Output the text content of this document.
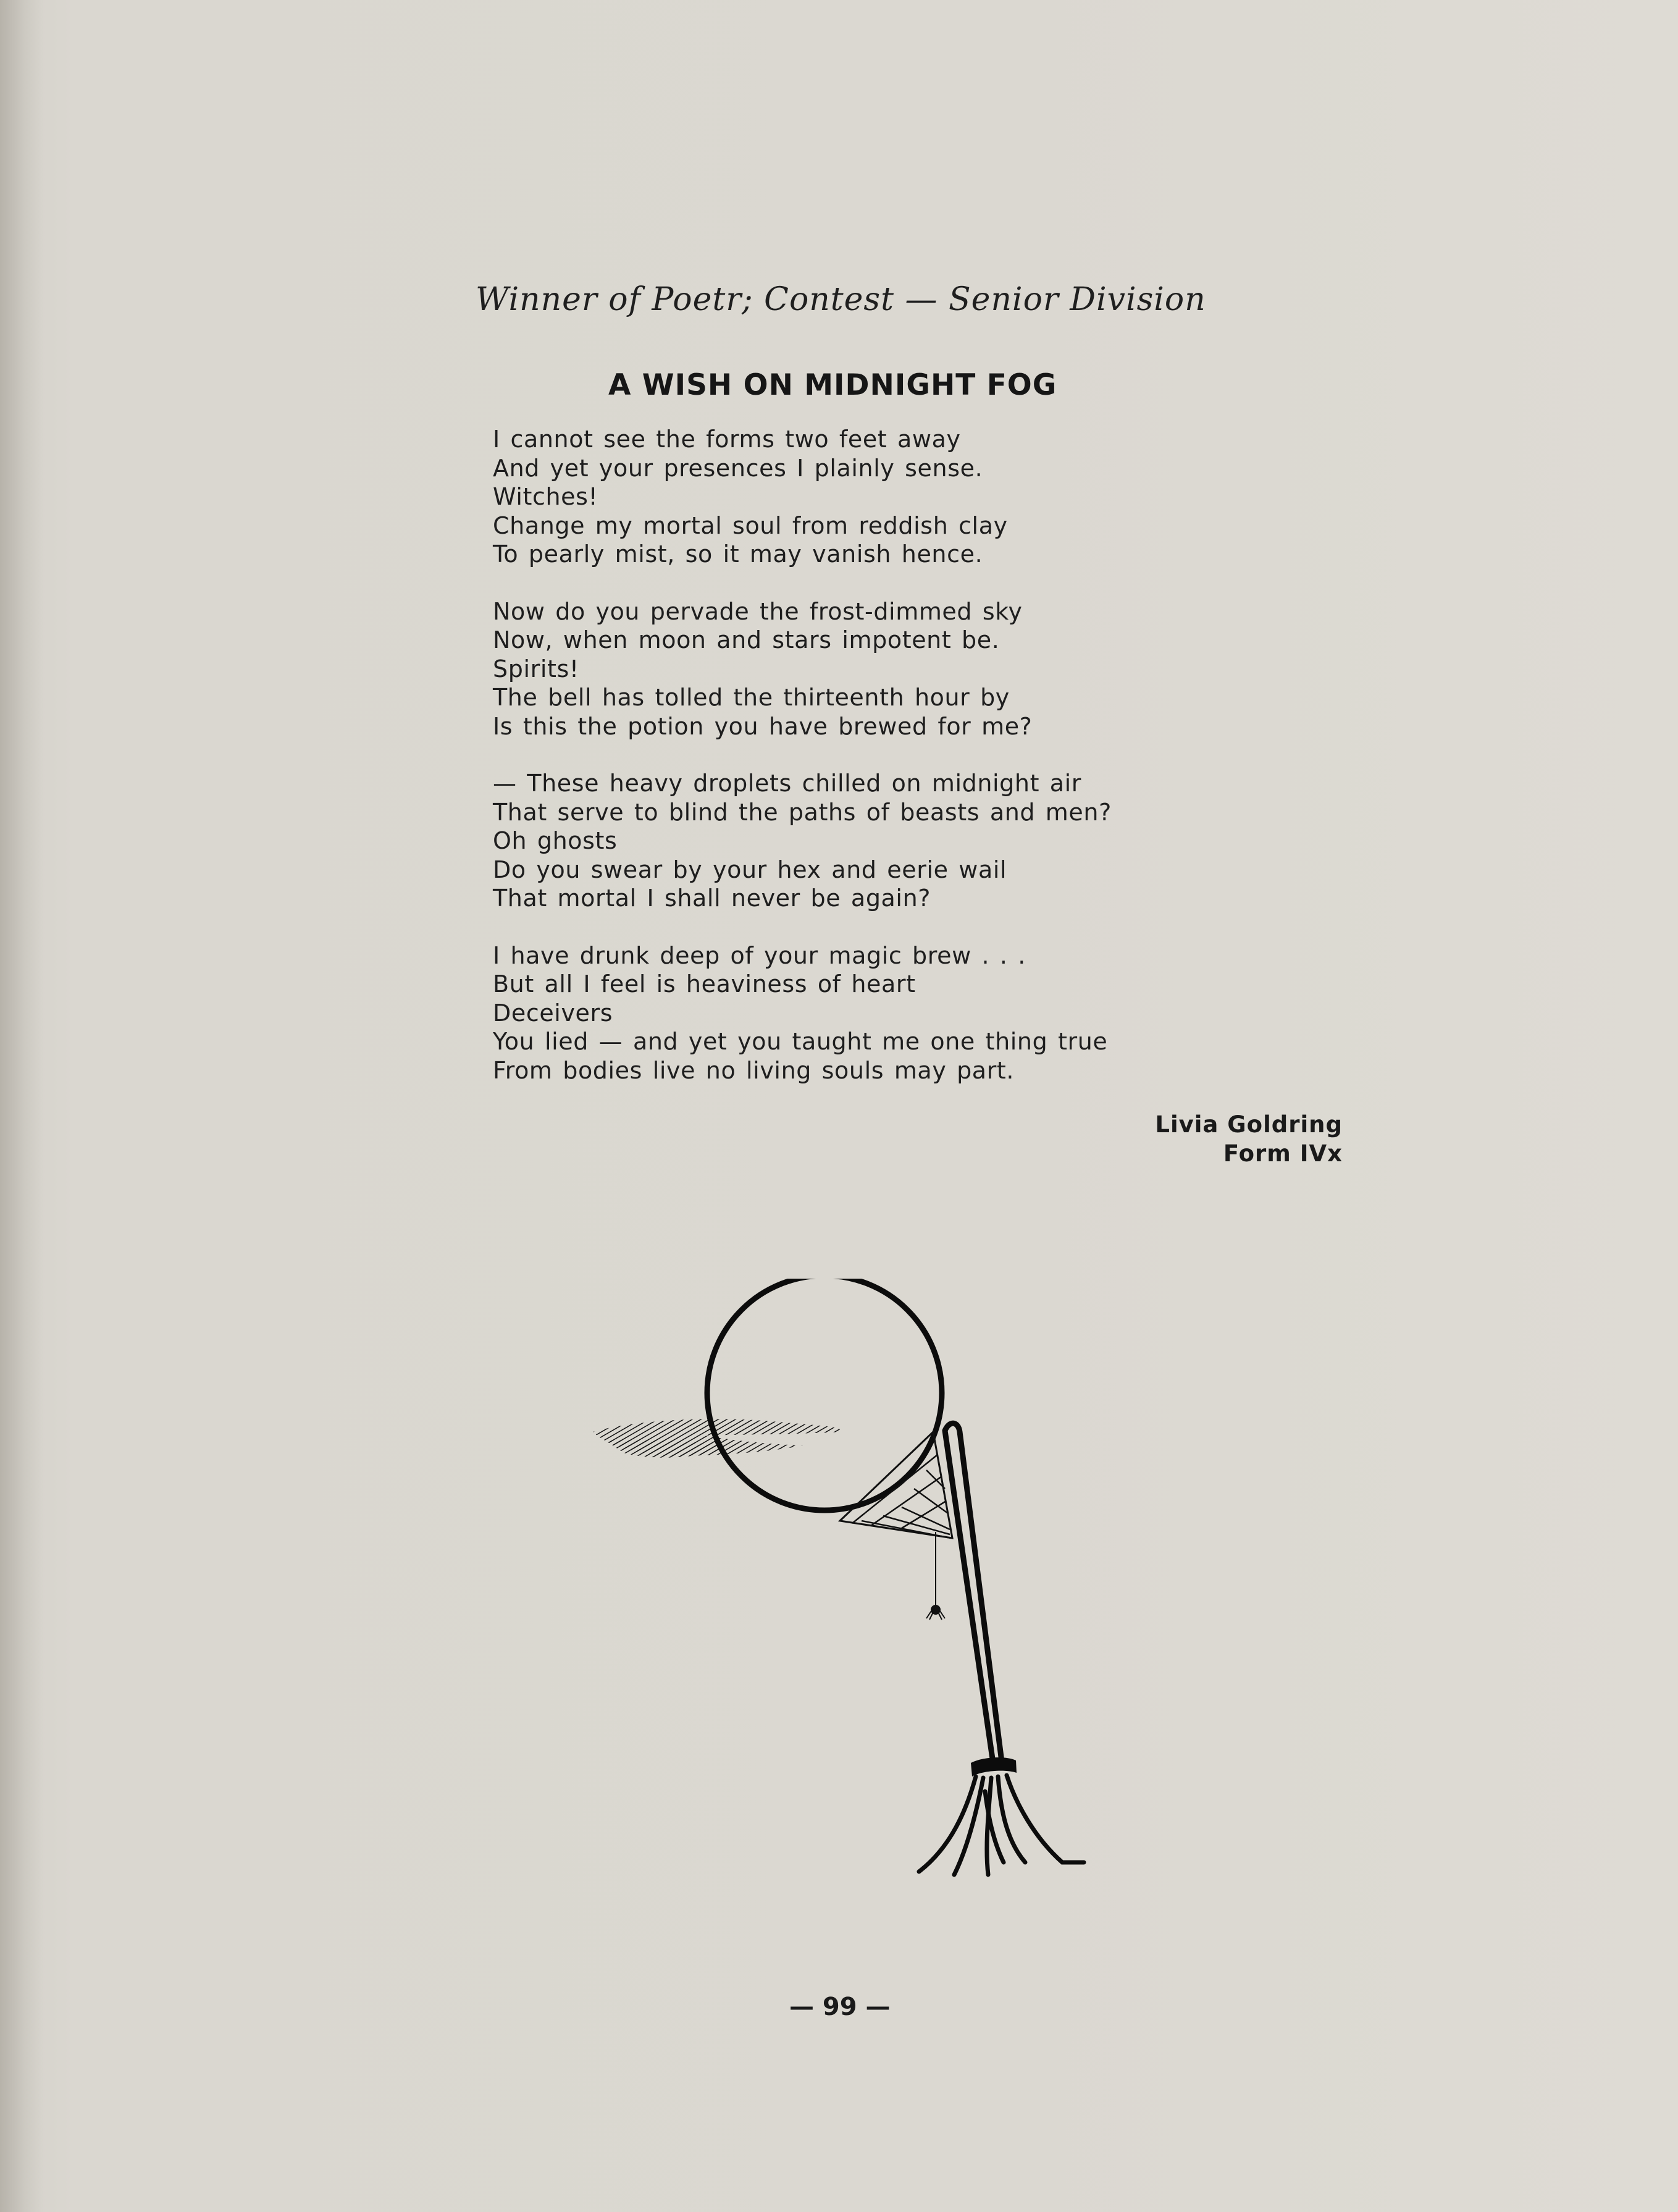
Winner of Poetr; Contest — Senior Division
A WISH ON MIDNIGHT FOG
I cannot see the forms two feet away
And yet your presences I plainly sense.
Witches!
Change my mortal soul from reddish clay
To pearly mist, so it may vanish hence.
Now do you pervade the frost-dimmed sky
Now, when moon and stars impotent be.
Spirits!
The bell has tolled the thirteenth hour by
Is this the potion you have brewed for me?
— These heavy droplets chilled on midnight air
That serve to blind the paths of beasts and men?
Oh ghosts
Do you swear by your hex and eerie wail
That mortal I shall never be again?
I have drunk deep of your magic brew . . .
But all I feel is heaviness of heart
Deceivers
You lied — and yet you taught me one thing true
From bodies live no living souls may part.
Livia Goldring
Form IVx
— 99 —
